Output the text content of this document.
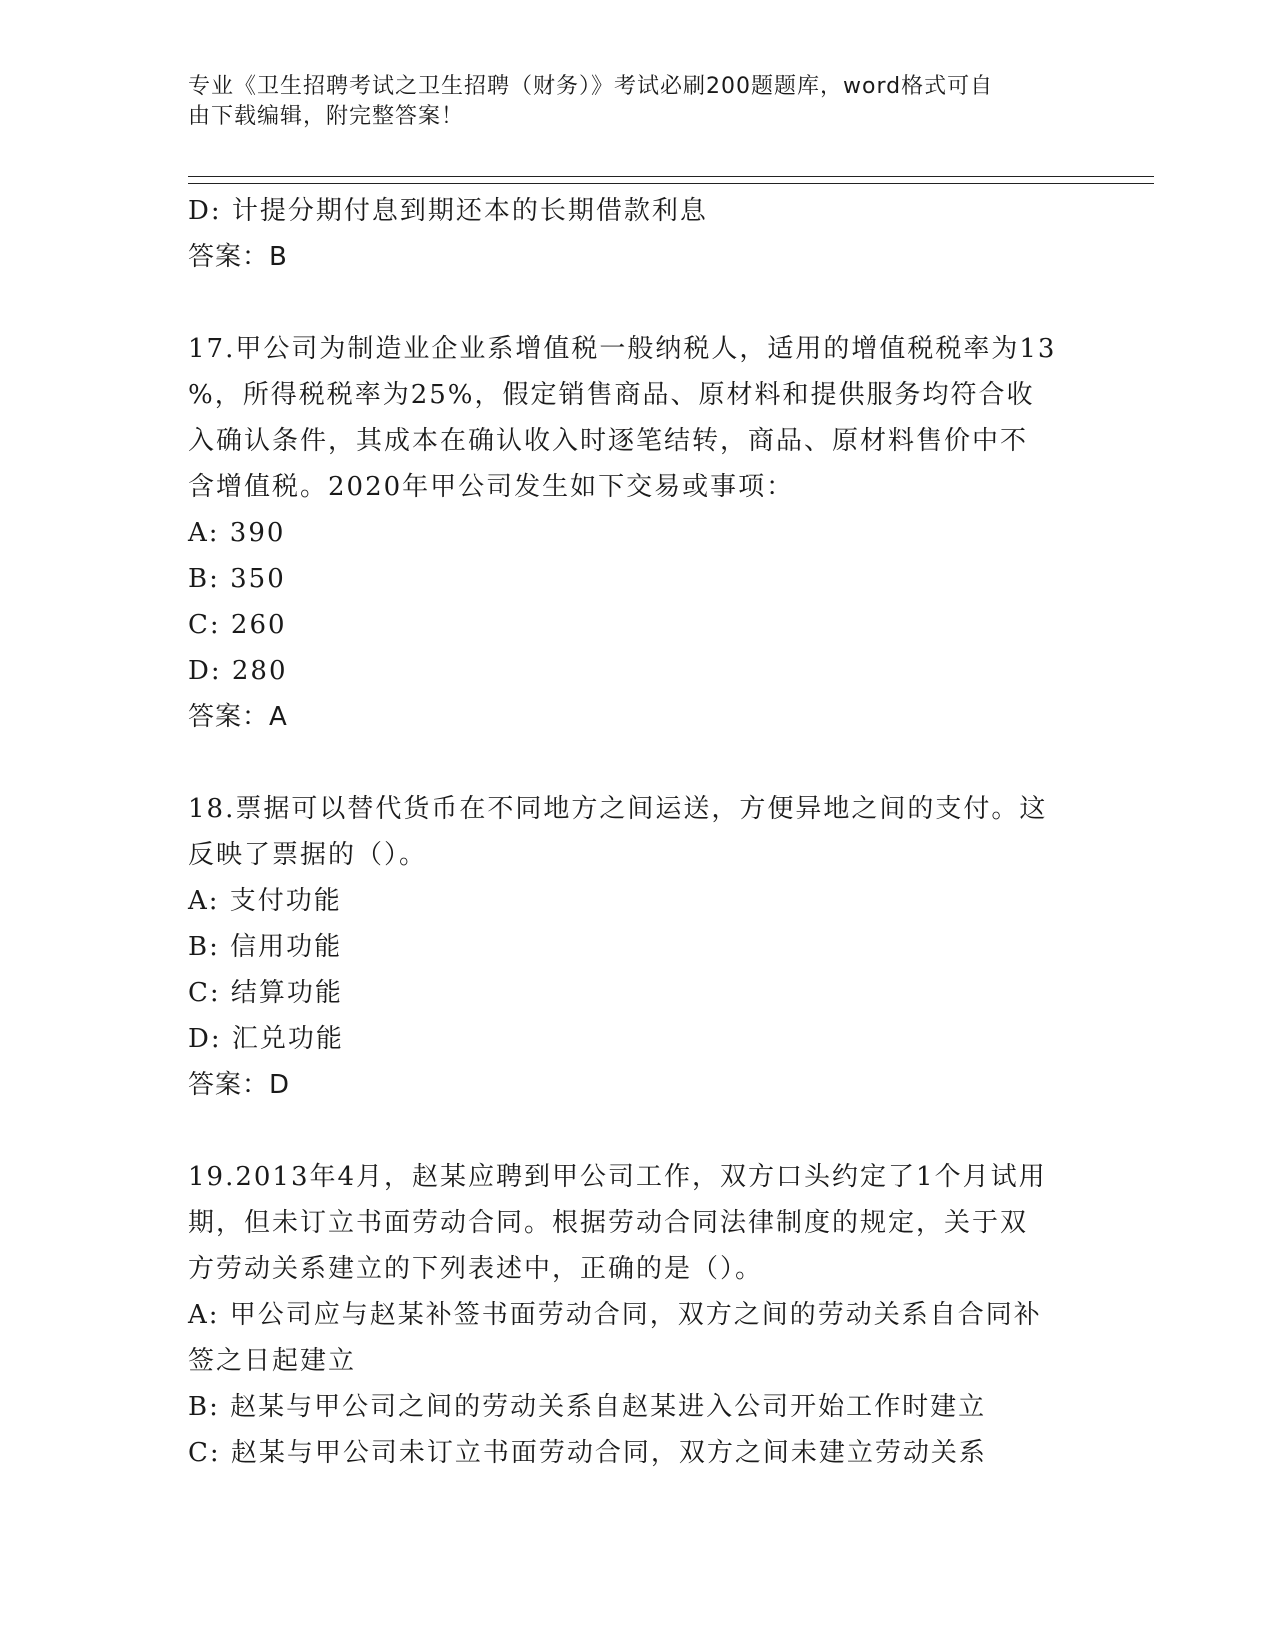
专业《卫生招聘考试之卫生招聘（财务）》考试必刷200题题库，word格式可自
由下载编辑，附完整答案！
D: 计提分期付息到期还本的长期借款利息
答案：B
17.甲公司为制造业企业系增值税一般纳税人，适用的增值税税率为13
%，所得税税率为25%，假定销售商品、原材料和提供服务均符合收
入确认条件，其成本在确认收入时逐笔结转，商品、原材料售价中不
含增值税。2020年甲公司发生如下交易或事项：
A: 390
B: 350
C: 260
D: 280
答案：A
18.票据可以替代货币在不同地方之间运送，方便异地之间的支付。这
反映了票据的（）。
A: 支付功能
B: 信用功能
C: 结算功能
D: 汇兑功能
答案：D
19.2013年4月，赵某应聘到甲公司工作，双方口头约定了1个月试用
期，但未订立书面劳动合同。根据劳动合同法律制度的规定，关于双
方劳动关系建立的下列表述中，正确的是（）。
A: 甲公司应与赵某补签书面劳动合同，双方之间的劳动关系自合同补
签之日起建立
B: 赵某与甲公司之间的劳动关系自赵某进入公司开始工作时建立
C: 赵某与甲公司未订立书面劳动合同，双方之间未建立劳动关系
